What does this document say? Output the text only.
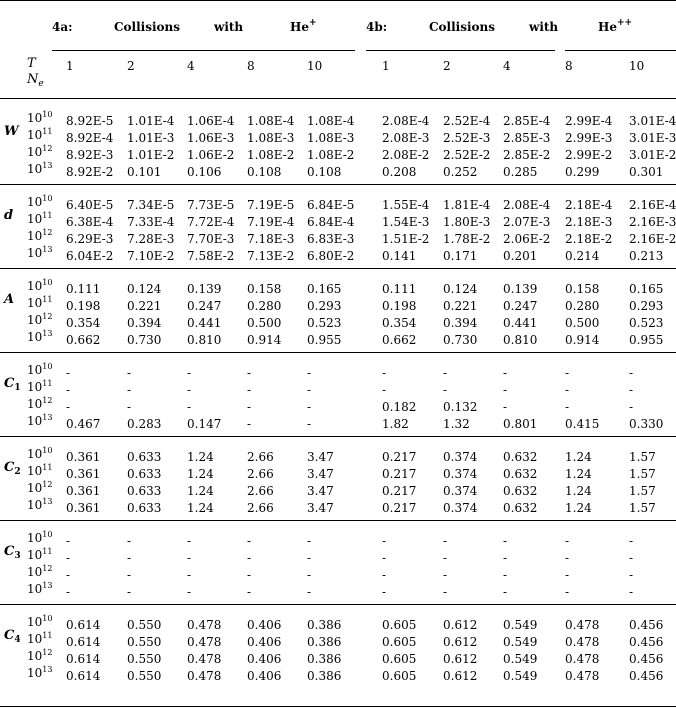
4a:	Collisions	with	He+	4b:	Collisions	with	He++
T
$N_e$
1	2	4	8	10	1	2	4	8	10
W
$10^{10}$ 8.92E-5 1.01E-4 1.06E-4 1.08E-4 1.08E-4 2.08E-4 2.52E-4 2.85E-4 2.99E-4 3.01E-4
$10^{11}$ 8.92E-4 1.01E-3 1.06E-3 1.08E-3 1.08E-3 2.08E-3 2.52E-3 2.85E-3 2.99E-3 3.01E-3
$10^{12}$ 8.92E-3 1.01E-2 1.06E-2 1.08E-2 1.08E-2 2.08E-2 2.52E-2 2.85E-2 2.99E-2 3.01E-2
$10^{13}$ 8.92E-2 0.101 0.106 0.108 0.108	0.208 0.252 0.285 0.299 0.301
d
$10^{10}$ 6.40E-5 7.34E-5 7.73E-5 7.19E-5 6.84E-5 1.55E-4 1.81E-4 2.08E-4 2.18E-4 2.16E-4
$10^{11}$ 6.38E-4 7.33E-4 7.72E-4 7.19E-4 6.84E-4 1.54E-3 1.80E-3 2.07E-3 2.18E-3 2.16E-3
$10^{12}$ 6.29E-3 7.28E-3 7.70E-3 7.18E-3 6.83E-3 1.51E-2 1.78E-2 2.06E-2 2.18E-2 2.16E-2
$10^{13}$ 6.04E-2 7.10E-2 7.58E-2 7.13E-2 6.80E-2 0.141 0.171 0.201 0.214 0.213
A
$10^{10}$ 0.111 0.124 0.139 0.158 0.165	0.111 0.124 0.139 0.158 0.165
$10^{11}$ 0.198 0.221 0.247 0.280 0.293	0.198 0.221 0.247 0.280 0.293
$10^{12}$ 0.354 0.394 0.441 0.500 0.523	0.354 0.394 0.441 0.500 0.523
$10^{13}$ 0.662 0.730 0.810 0.914 0.955	0.662 0.730 0.810 0.914 0.955
$C_1$
$10^{10}$ -	-	-	-	-	-	-	-	-	-
$10^{11}$ -	-	-	-	-	-	-	-	-	-
$10^{12}$ -	-	-	-	-	0.182 0.132 -	-	-
$10^{13}$ 0.467 0.283 0.147 -	-	1.82	1.32	0.801 0.415 0.330
$C_2$
$10^{10}$ 0.361 0.633 1.24	2.66	3.47	0.217 0.374 0.632 1.24	1.57
$10^{11}$ 0.361 0.633 1.24	2.66	3.47	0.217 0.374 0.632 1.24	1.57
$10^{12}$ 0.361 0.633 1.24	2.66	3.47	0.217 0.374 0.632 1.24	1.57
$10^{13}$ 0.361 0.633 1.24	2.66	3.47	0.217 0.374 0.632 1.24	1.57
$C_3$
$10^{10}$ -	-	-	-	-	-	-	-	-	-
$10^{11}$ -	-	-	-	-	-	-	-	-	-
$10^{12}$ -	-	-	-	-	-	-	-	-	-
$10^{13}$ -	-	-	-	-	-	-	-	-	-
$C_4$
$10^{10}$ 0.614 0.550 0.478 0.406 0.386	0.605 0.612 0.549 0.478 0.456
$10^{11}$ 0.614 0.550 0.478 0.406 0.386	0.605 0.612 0.549 0.478 0.456
$10^{12}$ 0.614 0.550 0.478 0.406 0.386	0.605 0.612 0.549 0.478 0.456
$10^{13}$ 0.614 0.550 0.478 0.406 0.386	0.605 0.612 0.549 0.478 0.456
